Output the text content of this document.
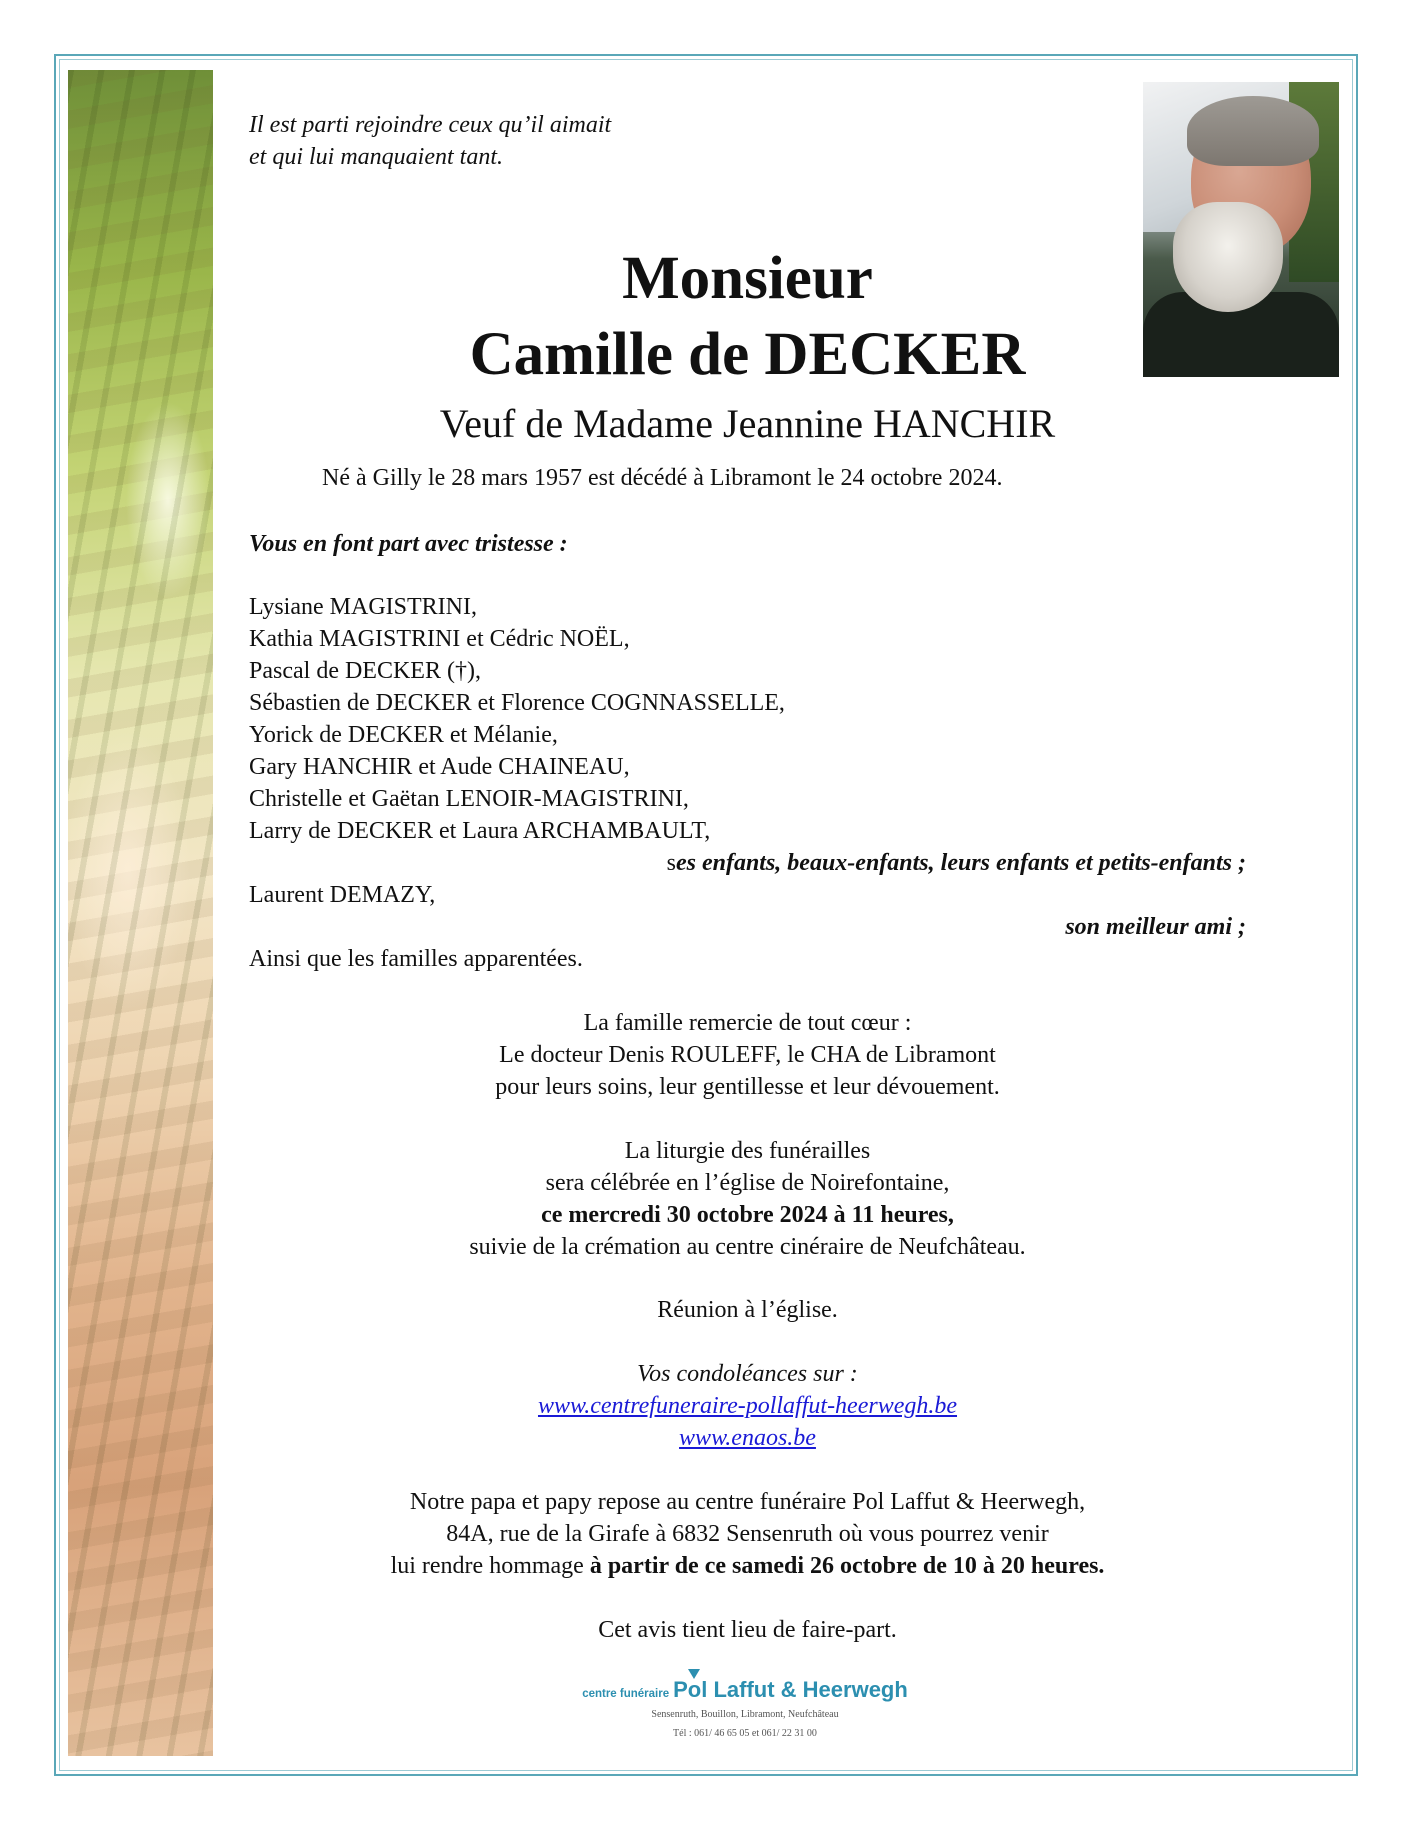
Il est parti rejoindre ceux qu’il aimait

et qui lui manquaient tant.

Monsieur

Camille de DECKER

Veuf de Madame Jeannine HANCHIR

Né à Gilly le 28 mars 1957 est décédé à Libramont le 24 octobre 2024.

Vous en font part avec tristesse :

Lysiane MAGISTRINI,

Kathia MAGISTRINI et Cédric NOËL,

Pascal de DECKER (†),

Sébastien de DECKER et Florence COGNNASSELLE,

Yorick de DECKER et Mélanie,

Gary HANCHIR et Aude CHAINEAU,

Christelle et Gaëtan LENOIR-MAGISTRINI,

Larry de DECKER et Laura ARCHAMBAULT,

ses enfants, beaux-enfants, leurs enfants et petits-enfants ;

Laurent DEMAZY,

son meilleur ami ;

Ainsi que les familles apparentées.

La famille remercie de tout cœur :

Le docteur Denis ROULEFF, le CHA de Libramont

pour leurs soins, leur gentillesse et leur dévouement.

La liturgie des funérailles

sera célébrée en l’église de Noirefontaine,

ce mercredi 30 octobre 2024 à 11 heures,

suivie de la crémation au centre cinéraire de Neufchâteau.

Réunion à l’église.

Vos condoléances sur :

www.centrefuneraire-pollaffut-heerwegh.be

www.enaos.be

Notre papa et papy repose au centre funéraire Pol Laffut & Heerwegh,

84A, rue de la Girafe à 6832 Sensenruth où vous pourrez venir

lui rendre hommage à partir de ce samedi 26 octobre de 10 à 20 heures.

Cet avis tient lieu de faire-part.

centre funéraire Pol Laffut & Heerwegh
Sensenruth, Bouillon, Libramont, Neufchâteau
Tél : 061/ 46 65 05 et 061/ 22 31 00
